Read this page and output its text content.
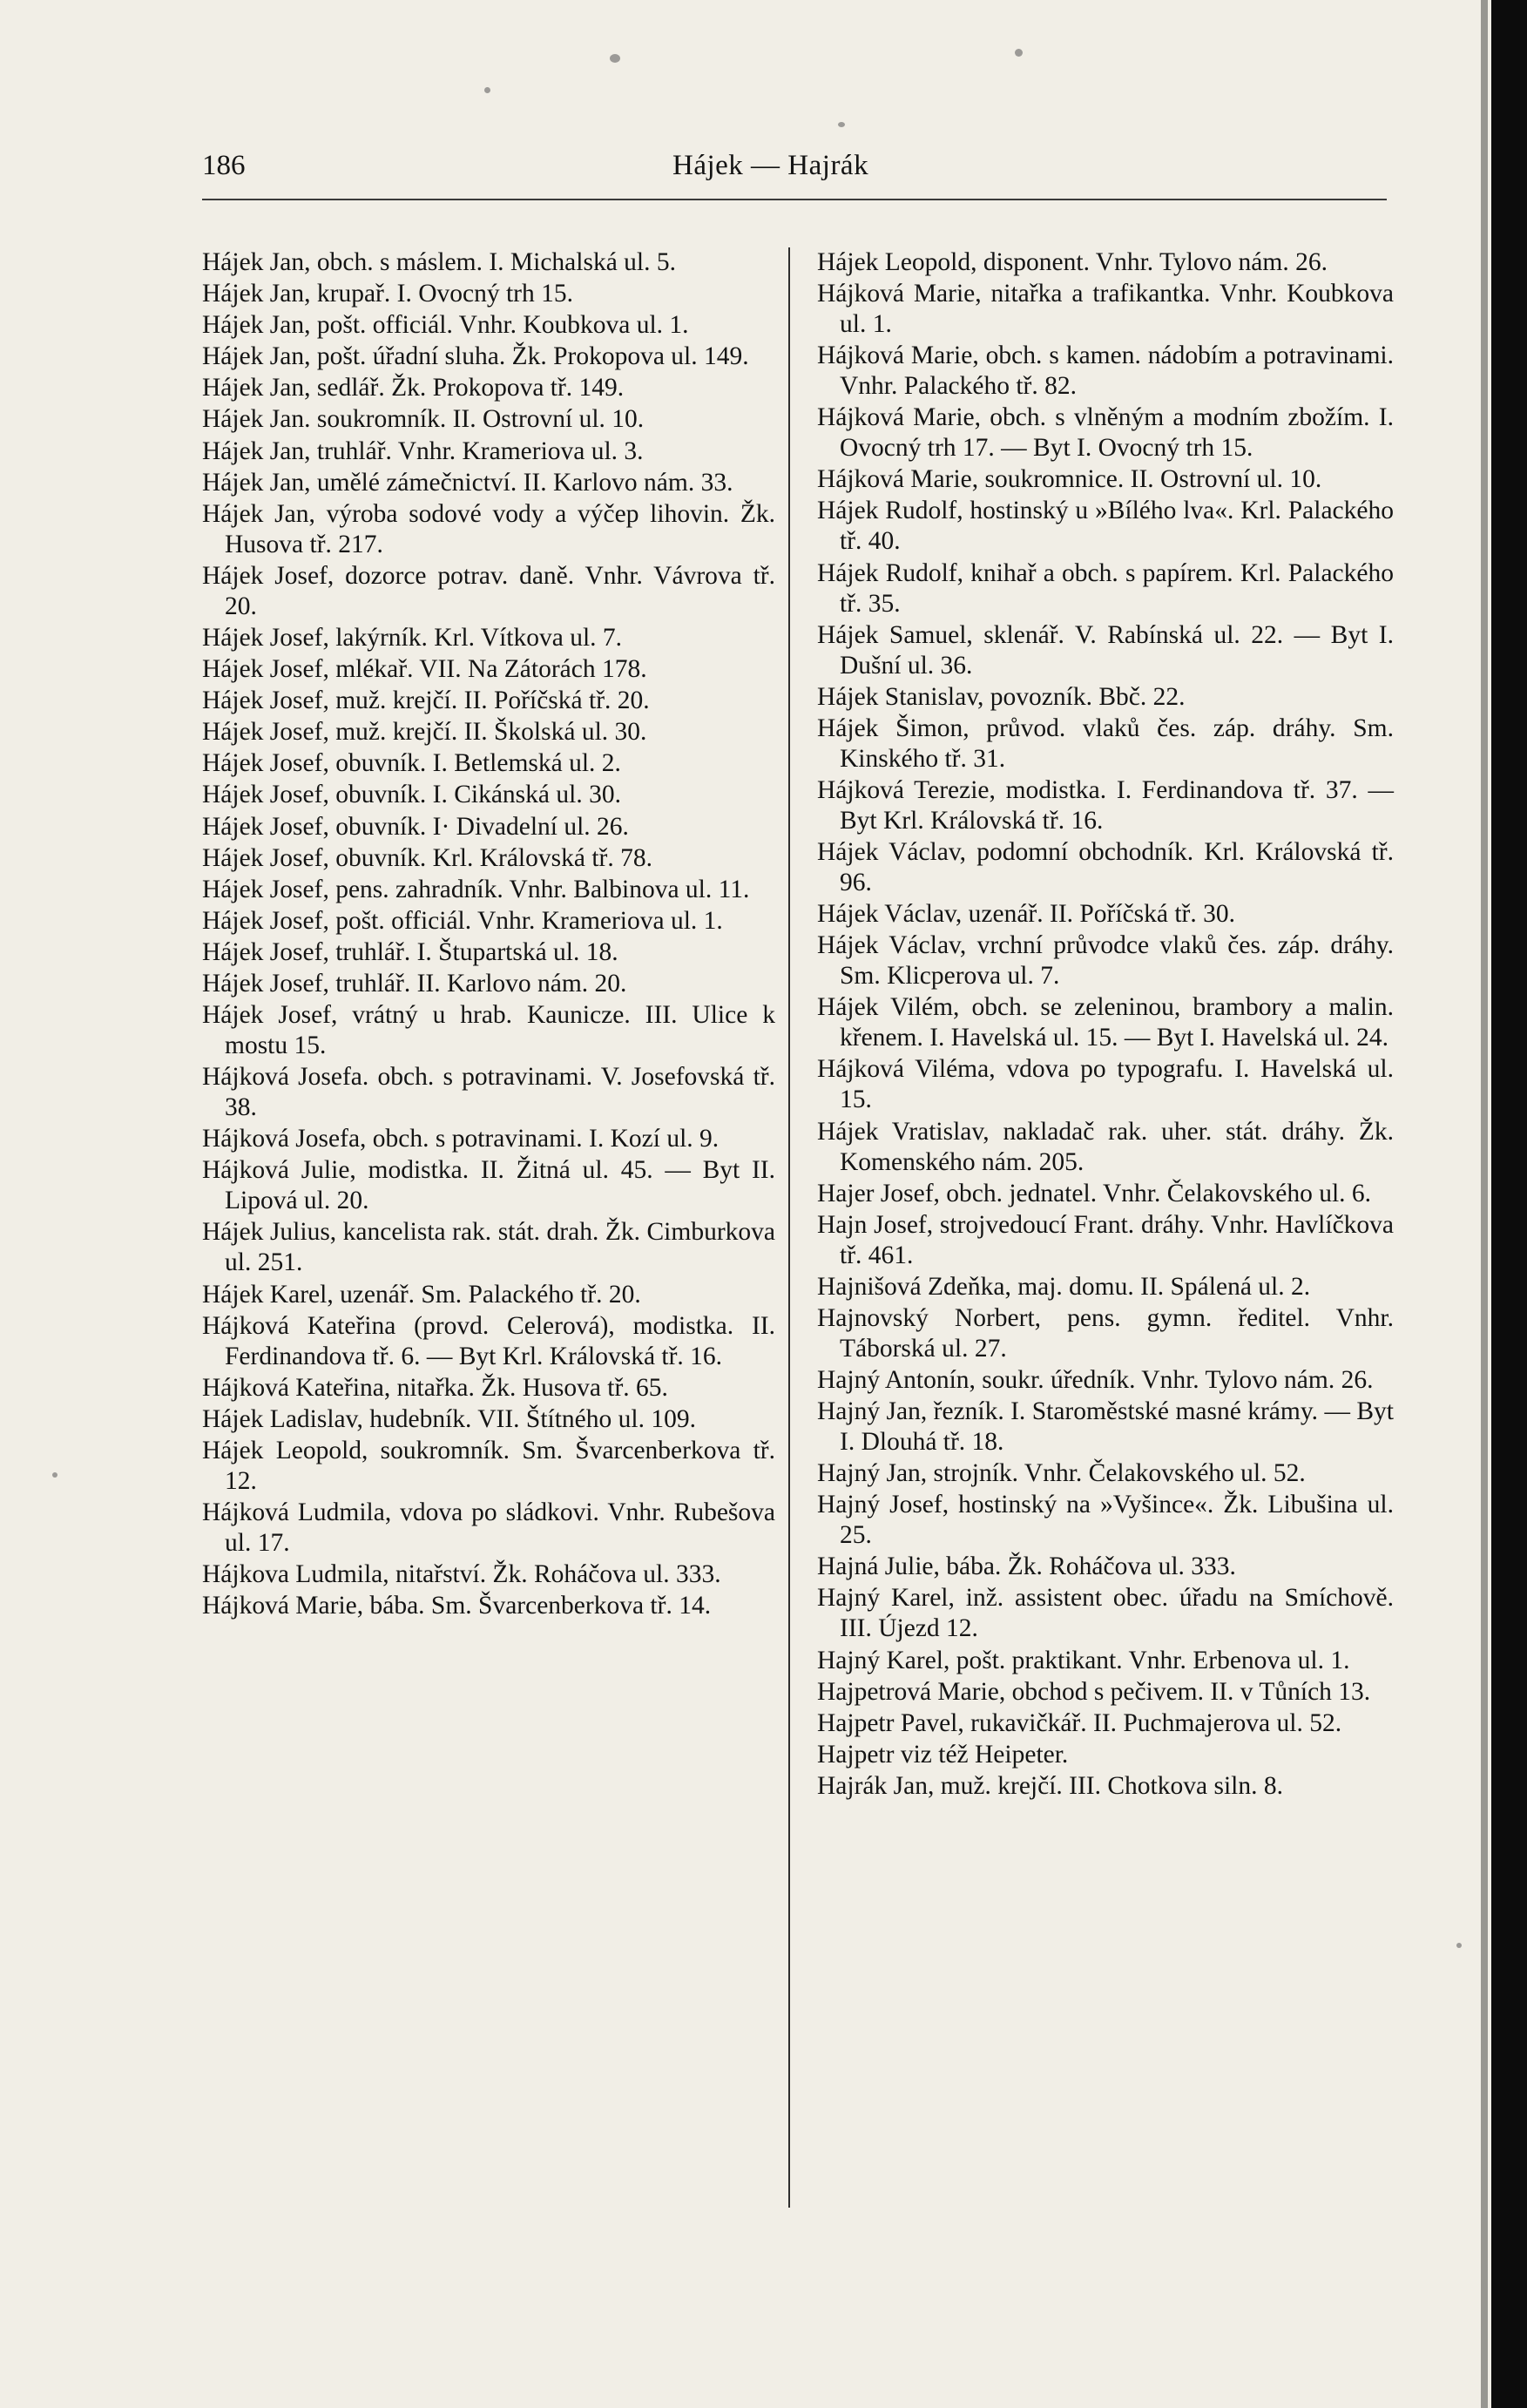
186	Hájek — Hajrák

Hájek Jan, obch. s máslem. I. Michalská ul. 5.

Hájek Jan, krupař. I. Ovocný trh 15.

Hájek Jan, pošt. officiál. Vnhr. Koubkova ul. 1.

Hájek Jan, pošt. úřadní sluha. Žk. Prokopova ul. 149.

Hájek Jan, sedlář. Žk. Prokopova tř. 149.

Hájek Jan. soukromník. II. Ostrovní ul. 10.

Hájek Jan, truhlář. Vnhr. Krameriova ul. 3.

Hájek Jan, umělé zámečnictví. II. Karlovo nám. 33.

Hájek Jan, výroba sodové vody a výčep lihovin. Žk. Husova tř. 217.

Hájek Josef, dozorce potrav. daně. Vnhr. Vávrova tř. 20.

Hájek Josef, lakýrník. Krl. Vítkova ul. 7.

Hájek Josef, mlékař. VII. Na Zátorách 178.

Hájek Josef, muž. krejčí. II. Poříčská tř. 20.

Hájek Josef, muž. krejčí. II. Školská ul. 30.

Hájek Josef, obuvník. I. Betlemská ul. 2.

Hájek Josef, obuvník. I. Cikánská ul. 30.

Hájek Josef, obuvník. I· Divadelní ul. 26.

Hájek Josef, obuvník. Krl. Královská tř. 78.

Hájek Josef, pens. zahradník. Vnhr. Balbinova ul. 11.

Hájek Josef, pošt. officiál. Vnhr. Krameriova ul. 1.

Hájek Josef, truhlář. I. Štupartská ul. 18.

Hájek Josef, truhlář. II. Karlovo nám. 20.

Hájek Josef, vrátný u hrab. Kaunicze. III. Ulice k mostu 15.

Hájková Josefa. obch. s potravinami. V. Josefovská tř. 38.

Hájková Josefa, obch. s potravinami. I. Kozí ul. 9.

Hájková Julie, modistka. II. Žitná ul. 45. — Byt II. Lipová ul. 20.

Hájek Julius, kancelista rak. stát. drah. Žk. Cimburkova ul. 251.

Hájek Karel, uzenář. Sm. Palackého tř. 20.

Hájková Kateřina (provd. Celerová), modistka. II. Ferdinandova tř. 6. — Byt Krl. Královská tř. 16.

Hájková Kateřina, nitařka. Žk. Husova tř. 65.

Hájek Ladislav, hudebník. VII. Štítného ul. 109.

Hájek Leopold, soukromník. Sm. Švarcenberkova tř. 12.

Hájková Ludmila, vdova po sládkovi. Vnhr. Rubešova ul. 17.

Hájkova Ludmila, nitařství. Žk. Roháčova ul. 333.

Hájková Marie, bába. Sm. Švarcenberkova tř. 14.

Hájek Leopold, disponent. Vnhr. Tylovo nám. 26.

Hájková Marie, nitařka a trafikantka. Vnhr. Koubkova ul. 1.

Hájková Marie, obch. s kamen. nádobím a potravinami. Vnhr. Palackého tř. 82.

Hájková Marie, obch. s vlněným a modním zbožím. I. Ovocný trh 17. — Byt I. Ovocný trh 15.

Hájková Marie, soukromnice. II. Ostrovní ul. 10.

Hájek Rudolf, hostinský u »Bílého lva«. Krl. Palackého tř. 40.

Hájek Rudolf, knihař a obch. s papírem. Krl. Palackého tř. 35.

Hájek Samuel, sklenář. V. Rabínská ul. 22. — Byt I. Dušní ul. 36.

Hájek Stanislav, povozník. Bbč. 22.

Hájek Šimon, průvod. vlaků čes. záp. dráhy. Sm. Kinského tř. 31.

Hájková Terezie, modistka. I. Ferdinandova tř. 37. — Byt Krl. Královská tř. 16.

Hájek Václav, podomní obchodník. Krl. Královská tř. 96.

Hájek Václav, uzenář. II. Poříčská tř. 30.

Hájek Václav, vrchní průvodce vlaků čes. záp. dráhy. Sm. Klicperova ul. 7.

Hájek Vilém, obch. se zeleninou, brambory a malin. křenem. I. Havelská ul. 15. — Byt I. Havelská ul. 24.

Hájková Viléma, vdova po typografu. I. Havelská ul. 15.

Hájek Vratislav, nakladač rak. uher. stát. dráhy. Žk. Komenského nám. 205.

Hajer Josef, obch. jednatel. Vnhr. Čelakovského ul. 6.

Hajn Josef, strojvedoucí Frant. dráhy. Vnhr. Havlíčkova tř. 461.

Hajnišová Zdeňka, maj. domu. II. Spálená ul. 2.

Hajnovský Norbert, pens. gymn. ředitel. Vnhr. Táborská ul. 27.

Hajný Antonín, soukr. úředník. Vnhr. Tylovo nám. 26.

Hajný Jan, řezník. I. Staroměstské masné krámy. — Byt I. Dlouhá tř. 18.

Hajný Jan, strojník. Vnhr. Čelakovského ul. 52.

Hajný Josef, hostinský na »Vyšince«. Žk. Libušina ul. 25.

Hajná Julie, bába. Žk. Roháčova ul. 333.

Hajný Karel, inž. assistent obec. úřadu na Smíchově. III. Újezd 12.

Hajný Karel, pošt. praktikant. Vnhr. Erbenova ul. 1.

Hajpetrová Marie, obchod s pečivem. II. v Tůních 13.

Hajpetr Pavel, rukavičkář. II. Puchmajerova ul. 52.

Hajpetr viz též Heipeter.

Hajrák Jan, muž. krejčí. III. Chotkova siln. 8.
